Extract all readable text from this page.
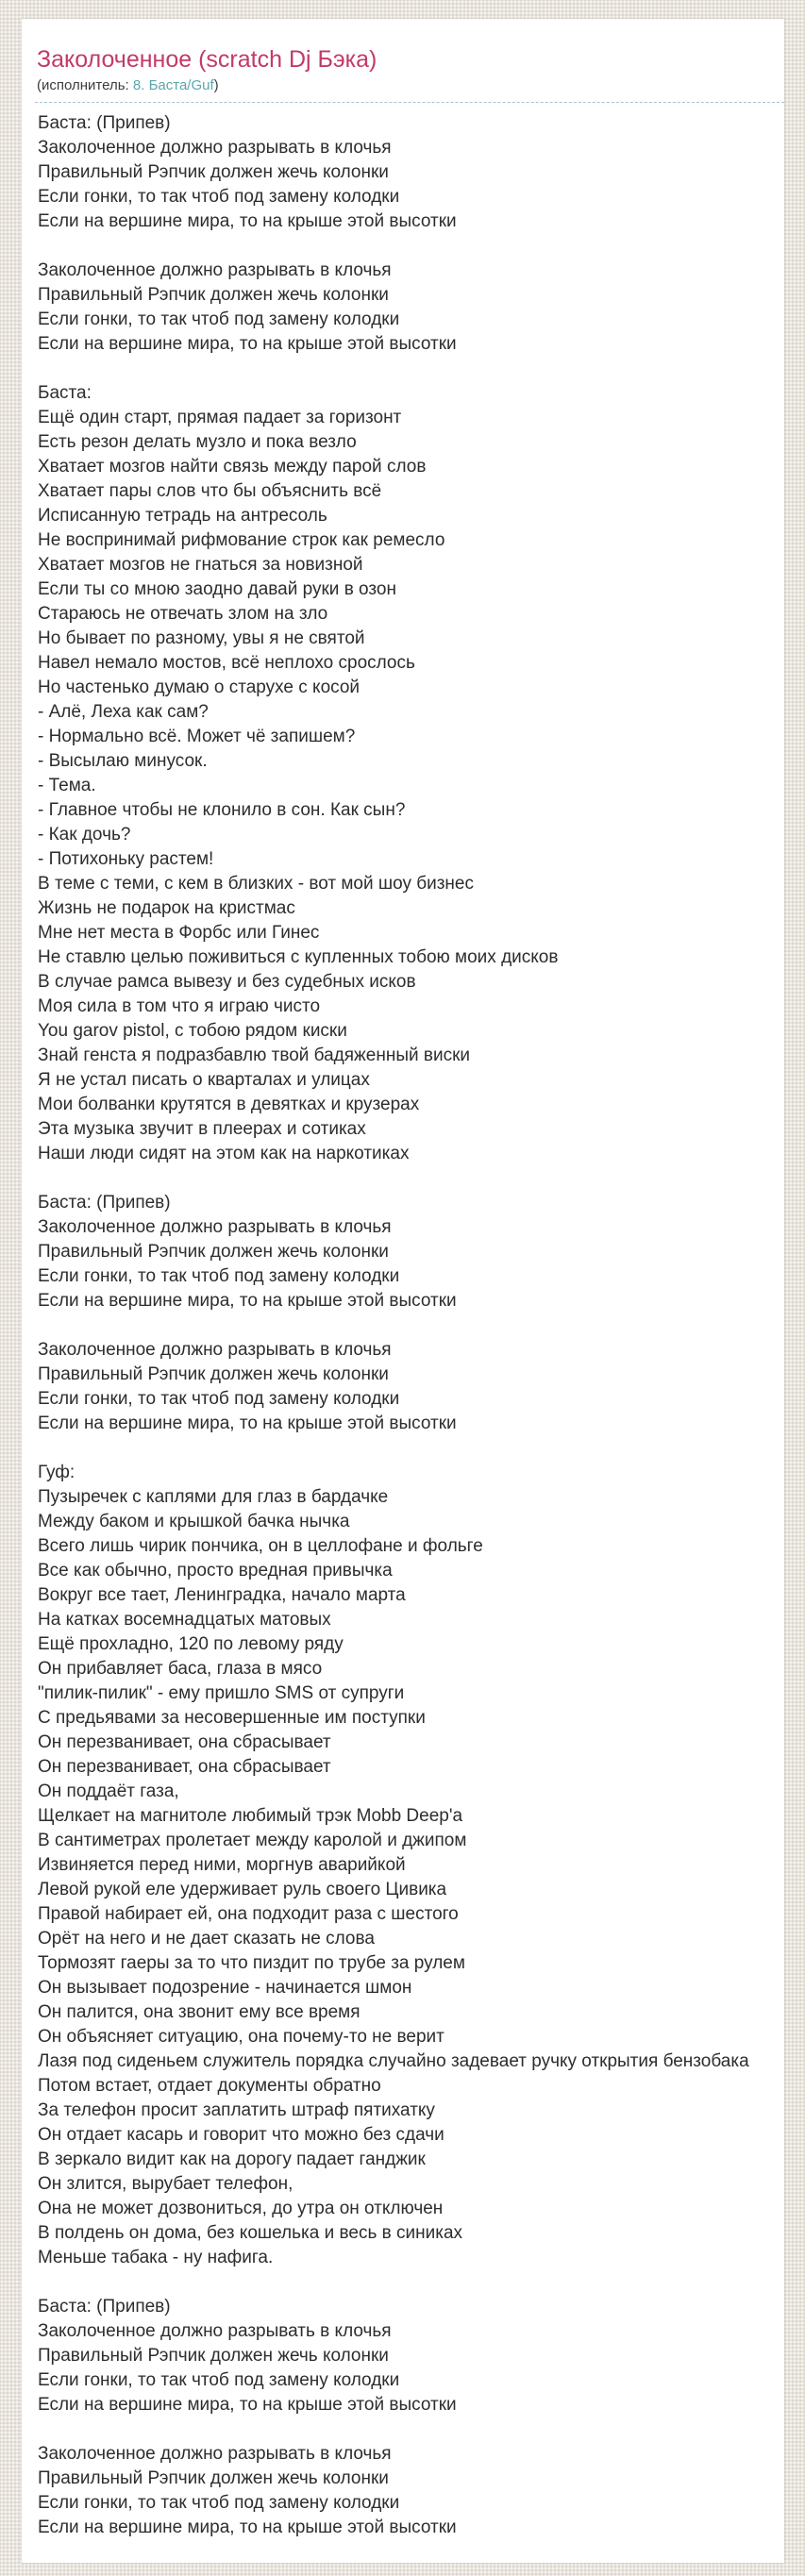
Заколоченное (scratch Dj Бэка)
(исполнитель: 8. Баста/Guf)
Баста: (Припев)
Заколоченное должно разрывать в клочья
Правильный Рэпчик должен жечь колонки
Если гонки, то так чтоб под замену колодки
Если на вершине мира, то на крыше этой высотки
Заколоченное должно разрывать в клочья
Правильный Рэпчик должен жечь колонки
Если гонки, то так чтоб под замену колодки
Если на вершине мира, то на крыше этой высотки
Баста:
Ещё один старт, прямая падает за горизонт
Есть резон делать музло и пока везло
Хватает мозгов найти связь между парой слов
Хватает пары слов что бы объяснить всё
Исписанную тетрадь на антресоль
Не воспринимай рифмование строк как ремесло
Хватает мозгов не гнаться за новизной
Если ты со мною заодно давай руки в озон
Стараюсь не отвечать злом на зло
Но бывает по разному, увы я не святой
Навел немало мостов, всё неплохо срослось
Но частенько думаю о старухе с косой
- Алё, Леха как сам?
- Нормально всё. Может чё запишем?
- Высылаю минусок.
- Тема.
- Главное чтобы не клонило в сон. Как сын?
- Как дочь?
- Потихоньку растем!
В теме с теми, с кем в близких - вот мой шоу бизнес
Жизнь не подарок на кристмас
Мне нет места в Форбс или Гинес
Не ставлю целью поживиться с купленных тобою моих дисков
В случае рамса вывезу и без судебных исков
Моя сила в том что я играю чисто
You garov pistol, с тобою рядом киски
Знай генста я подразбавлю твой бадяженный виски
Я не устал писать о кварталах и улицах
Мои болванки крутятся в девятках и крузерах
Эта музыка звучит в плеерах и сотиках
Наши люди сидят на этом как на наркотиках
Баста: (Припев)
Заколоченное должно разрывать в клочья
Правильный Рэпчик должен жечь колонки
Если гонки, то так чтоб под замену колодки
Если на вершине мира, то на крыше этой высотки
Заколоченное должно разрывать в клочья
Правильный Рэпчик должен жечь колонки
Если гонки, то так чтоб под замену колодки
Если на вершине мира, то на крыше этой высотки
Гуф:
Пузыречек с каплями для глаз в бардачке
Между баком и крышкой бачка нычка
Всего лишь чирик пончика, он в целлофане и фольге
Все как обычно, просто вредная привычка
Вокруг все тает, Ленинградка, начало марта
На катках восемнадцатых матовых
Ещё прохладно, 120 по левому ряду
Он прибавляет баса, глаза в мясо
"пилик-пилик" - ему пришло SMS от супруги
С предьявами за несовершенные им поступки
Он перезванивает, она сбрасывает
Он перезванивает, она сбрасывает
Он поддаёт газа,
Щелкает на магнитоле любимый трэк Mobb Deep'а
В сантиметрах пролетает между каролой и джипом
Извиняется перед ними, моргнув аварийкой
Левой рукой еле удерживает руль своего Цивика
Правой набирает ей, она подходит раза с шестого
Орёт на него и не дает сказать не слова
Тормозят гаеры за то что пиздит по трубе за рулем
Он вызывает подозрение - начинается шмон
Он палится, она звонит ему все время
Он объясняет ситуацию, она почему-то не верит
Лазя под сиденьем служитель порядка случайно задевает ручку открытия бензобака
Потом встает, отдает документы обратно
За телефон просит заплатить штраф пятихатку
Он отдает касарь и говорит что можно без сдачи
В зеркало видит как на дорогу падает ганджик
Он злится, вырубает телефон,
Она не может дозвониться, до утра он отключен
В полдень он дома, без кошелька и весь в синиках
Меньше табака - ну нафига.
Баста: (Припев)
Заколоченное должно разрывать в клочья
Правильный Рэпчик должен жечь колонки
Если гонки, то так чтоб под замену колодки
Если на вершине мира, то на крыше этой высотки
Заколоченное должно разрывать в клочья
Правильный Рэпчик должен жечь колонки
Если гонки, то так чтоб под замену колодки
Если на вершине мира, то на крыше этой высотки
